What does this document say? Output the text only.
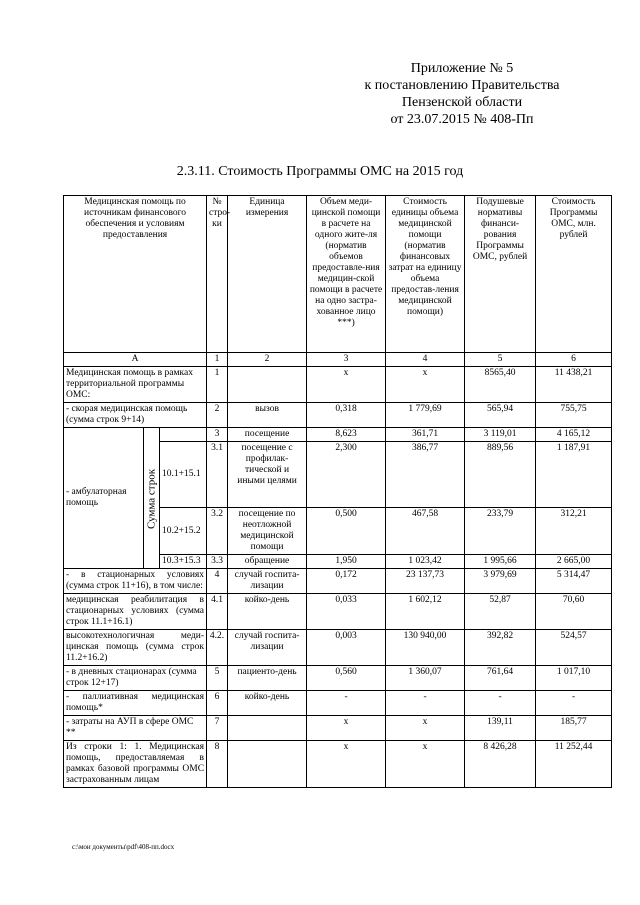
Приложение № 5
к постановлению Правительства
Пензенской области
от 23.07.2015 № 408-Пп
2.3.11. Стоимость Программы ОМС на 2015 год
Медицинская помощь по источникам финансового обеспечения и условиям предоставления			№ стро-ки	Единица измерения	Объем меди-цинской помощи в расчете на одного жите-ля (норматив объемов предоставле-ния медицин-ской помощи в расчете на одно застра-хованное лицо ***)	Стоимость единицы объема медицинской помощи (норматив финансовых затрат на единицу объема предостав-ления медицинской помощи)	Подушевые нормативы финанси-рования Программы ОМС, рублей	Стоимость Программы ОМС, млн. рублей
А			1	2	3	4	5	6
Медицинская помощь в рамках территориальной программы ОМС:			1		х	х	8565,40	11 438,21
- скорая медицинская помощь (сумма строк 9+14)			2	вызов	0,318	1 779,69	565,94	755,75
- амбулаторная помощь	Сумма строк		3	посещение	8,623	361,71	3 119,01	4 165,12
		10.1+15.1	3.1	посещение с профилак-тической и иными целями	2,300	386,77	889,56	1 187,91
		10.2+15.2	3.2	посещение по неотложной медицинской помощи	0,500	467,58	233,79	312,21
		10.3+15.3	3.3	обращение	1,950	1 023,42	1 995,66	2 665,00
- в стационарных условиях (сумма строк 11+16), в том числе:			4	случай госпита-лизации	0,172	23 137,73	3 979,69	5 314,47
медицинская реабилитация в стационарных условиях (сумма строк 11.1+16.1)			4.1	койко-день	0,033	1 602,12	52,87	70,60
высокотехнологичная меди-цинская помощь (сумма строк 11.2+16.2)			4.2.	случай госпита-лизации	0,003	130 940,00	392,82	524,57
- в дневных стационарах (сумма строк 12+17)			5	пациенто-день	0,560	1 360,07	761,64	1 017,10
- паллиативная медицинская помощь*			6	койко-день	-	-	-	-
- затраты на АУП в сфере ОМС **			7		х	х	139,11	185,77
Из строки 1: 1. Медицинская помощь, предоставляемая в рамках базовой программы ОМС застрахованным лицам			8		х	х	8 426,28	11 252,44
c:\мои документы\pdf\408-пп.docx
